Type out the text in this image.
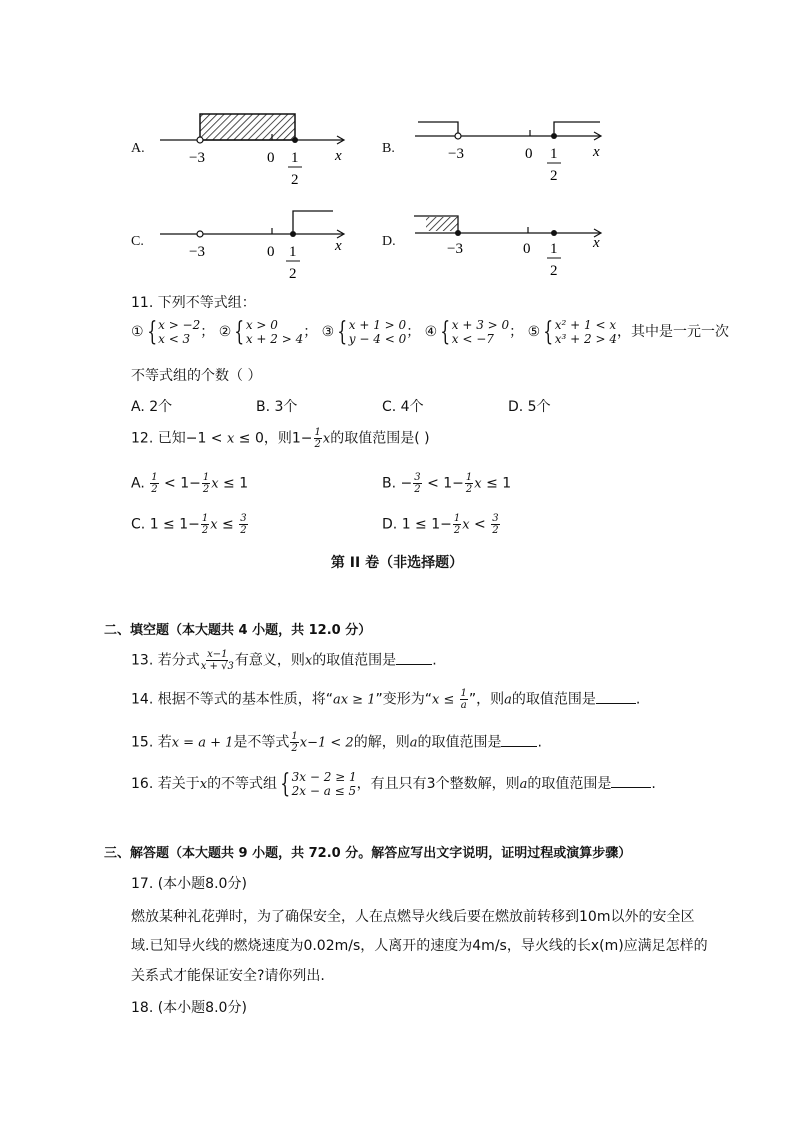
A.
−3	0 1
2
x	B.	−3	0 1
2
x
C.
−3	0 1
2
x	D.	−3	0 1
2
x
11. 下列不等式组：
① { x > −2
x < 3 ； ② { x > 0
x + 2 > 4 ； ③ { x + 1 > 0
y − 4 < 0 ； ④ { x + 3 > 0
x < −7	； ⑤ { x² + 1 < x
x³ + 2 > 4 ，其中是一元一次
不等式组的个数（ ）
A. 2个	B. 3个	C. 4个	D. 5个
12. 已知−1 < x ≤ 0，则$1- \frac{1}{2}$ x的取值范围是( )
A. $\frac{1}{2} < 1- \frac{1}{2}$ x ≤ 1	B. − $\frac{3}{2} < 1- \frac{1}{2}$ x ≤ 1
C. $1 \le 1- \frac{1}{2}$ $x \le \frac{3}{2}$	D. $1 \le 1- \frac{1}{2}$ $x < \frac{3}{2}$
第 II 卷（非选择题）
二、填空题（本大题共 4 小题，共 12.0 分）
13. 若分式 $\frac{x-1}{x + √3}$ 有意义，则x的取值范围是	.
14. 根据不等式的基本性质，将“ax ≥ 1”变形为“$x \le \frac{1}{a}$ ”，则a的取值范围是	.
15. 若x = a + 1是不等式 $\frac{1}{2} x-1 < 2$的解，则a的取值范围是	.
16. 若关于x的不等式组 { 3x − 2 ≥ 1
2x − a ≤ 5 ，有且只有3个整数解，则a的取值范围是	.
三、解答题（本大题共 9 小题，共 72.0 分。解答应写出文字说明，证明过程或演算步骤）
17. (本小题8.0分)
燃放某种礼花弹时，为了确保安全，人在点燃导火线后要在燃放前转移到10m以外的安全区
域.已知导火线的燃烧速度为0.02m/s，人离开的速度为4m/s，导火线的长x(m)应满足怎样的
关系式才能保证安全?请你列出.
18. (本小题8.0分)
